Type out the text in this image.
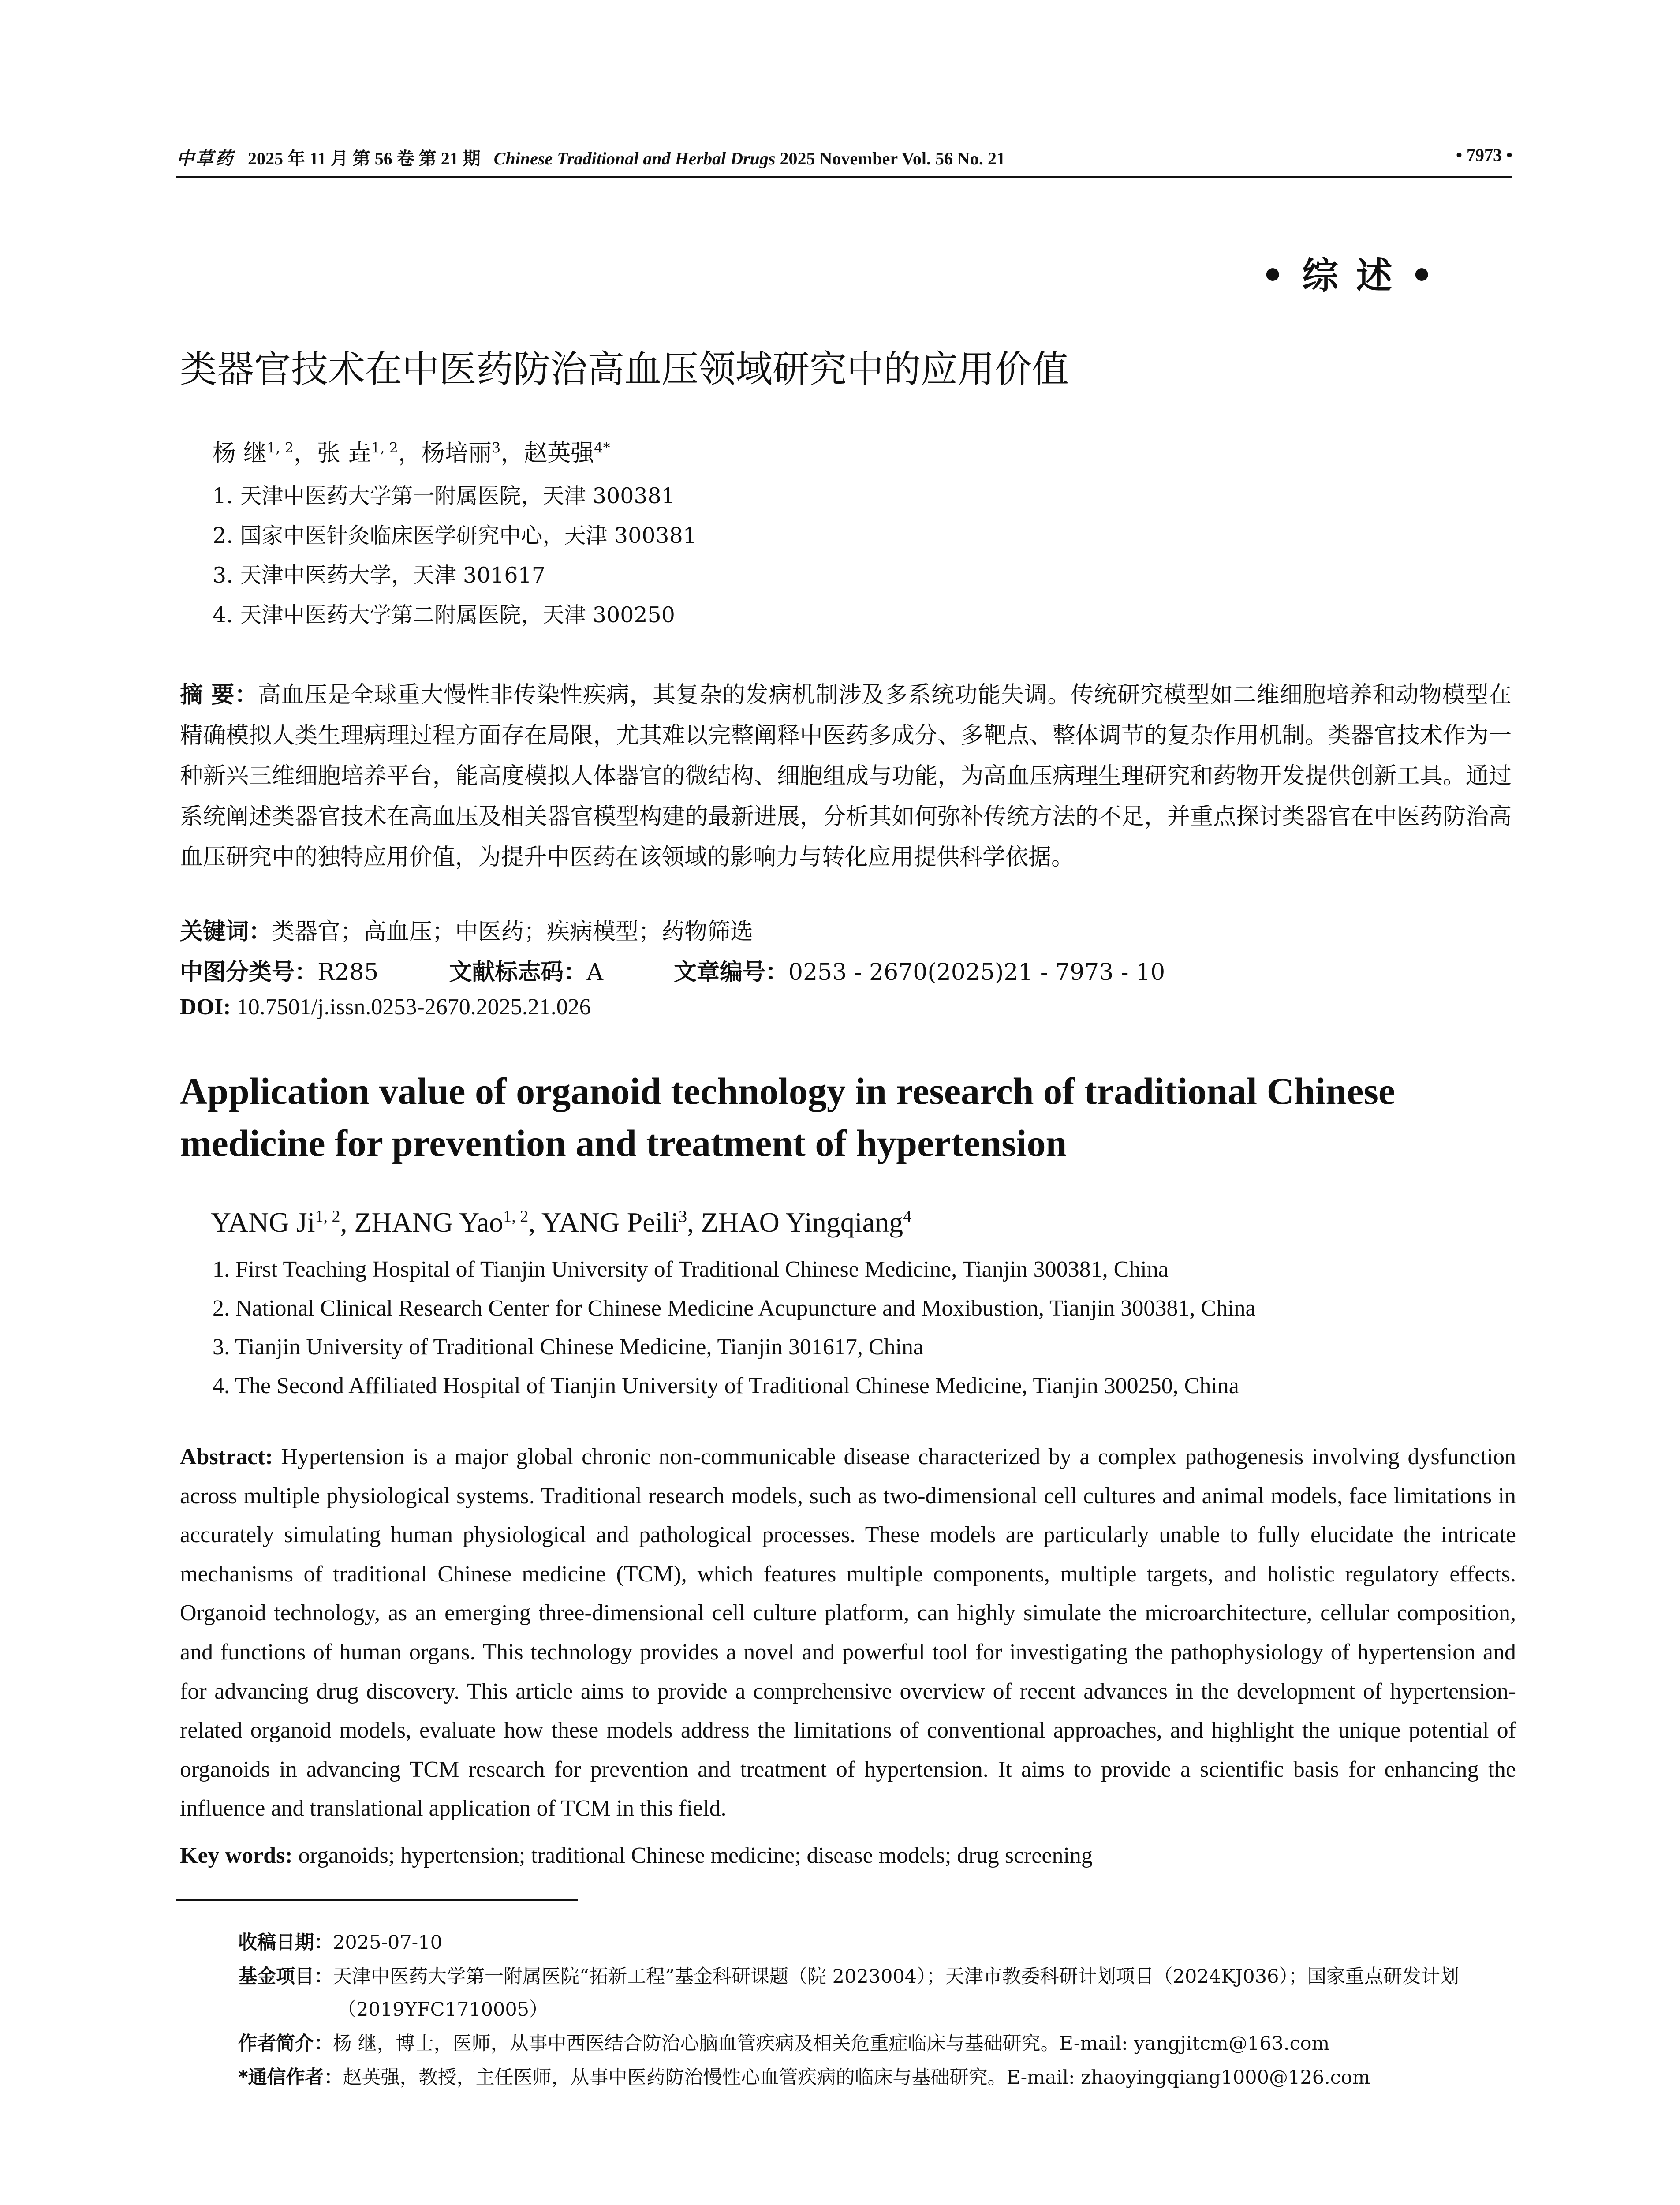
中草药 2025 年 11 月 第 56 卷 第 21 期 Chinese Traditional and Herbal Drugs 2025 November Vol. 56 No. 21	• 7973 •
• 综 述 •
类器官技术在中医药防治高血压领域研究中的应用价值
杨 继$^{1, 2}$，张 垚$^{1, 2}$，杨培丽$^3$，赵英强$^{4*}$
1. 天津中医药大学第一附属医院，天津 300381
2. 国家中医针灸临床医学研究中心，天津 300381
3. 天津中医药大学，天津 301617
4. 天津中医药大学第二附属医院，天津 300250
摘 要：高血压是全球重大慢性非传染性疾病，其复杂的发病机制涉及多系统功能失调。传统研究模型如二维细胞培养和动物模型在精确模拟人类生理病理过程方面存在局限，尤其难以完整阐释中医药多成分、多靶点、整体调节的复杂作用机制。类器官技术作为一种新兴三维细胞培养平台，能高度模拟人体器官的微结构、细胞组成与功能，为高血压病理生理研究和药物开发提供创新工具。通过系统阐述类器官技术在高血压及相关器官模型构建的最新进展，分析其如何弥补传统方法的不足，并重点探讨类器官在中医药防治高血压研究中的独特应用价值，为提升中医药在该领域的影响力与转化应用提供科学依据。
关键词：类器官；高血压；中医药；疾病模型；药物筛选
中图分类号：R285	文献标志码：A	文章编号：0253 - 2670(2025)21 - 7973 - 10
DOI: 10.7501/j.issn.0253-2670.2025.21.026
Application value of organoid technology in research of traditional Chinese medicine for prevention and treatment of hypertension
YANG Ji$^{1, 2}$, ZHANG Yao$^{1, 2}$, YANG Peili$^3$, ZHAO Yingqiang$^4$
1. First Teaching Hospital of Tianjin University of Traditional Chinese Medicine, Tianjin 300381, China
2. National Clinical Research Center for Chinese Medicine Acupuncture and Moxibustion, Tianjin 300381, China
3. Tianjin University of Traditional Chinese Medicine, Tianjin 301617, China
4. The Second Affiliated Hospital of Tianjin University of Traditional Chinese Medicine, Tianjin 300250, China
Abstract: Hypertension is a major global chronic non-communicable disease characterized by a complex pathogenesis involving dysfunction across multiple physiological systems. Traditional research models, such as two-dimensional cell cultures and animal models, face limitations in accurately simulating human physiological and pathological processes. These models are particularly unable to fully elucidate the intricate mechanisms of traditional Chinese medicine (TCM), which features multiple components, multiple targets, and holistic regulatory effects. Organoid technology, as an emerging three-dimensional cell culture platform, can highly simulate the microarchitecture, cellular composition, and functions of human organs. This technology provides a novel and powerful tool for investigating the pathophysiology of hypertension and for advancing drug discovery. This article aims to provide a comprehensive overview of recent advances in the development of hypertension-related organoid models, evaluate how these models address the limitations of conventional approaches, and highlight the unique potential of organoids in advancing TCM research for prevention and treatment of hypertension. It aims to provide a scientific basis for enhancing the influence and translational application of TCM in this field.
Key words: organoids; hypertension; traditional Chinese medicine; disease models; drug screening
收稿日期：2025-07-10
基金项目：天津中医药大学第一附属医院“拓新工程”基金科研课题（院 2023004）；天津市教委科研计划项目（2024KJ036）；国家重点研发计划（2019YFC1710005）
作者简介：杨 继，博士，医师，从事中西医结合防治心脑血管疾病及相关危重症临床与基础研究。E-mail: yangjitcm@163.com
*通信作者：赵英强，教授，主任医师，从事中医药防治慢性心血管疾病的临床与基础研究。E-mail: zhaoyingqiang1000@126.com
